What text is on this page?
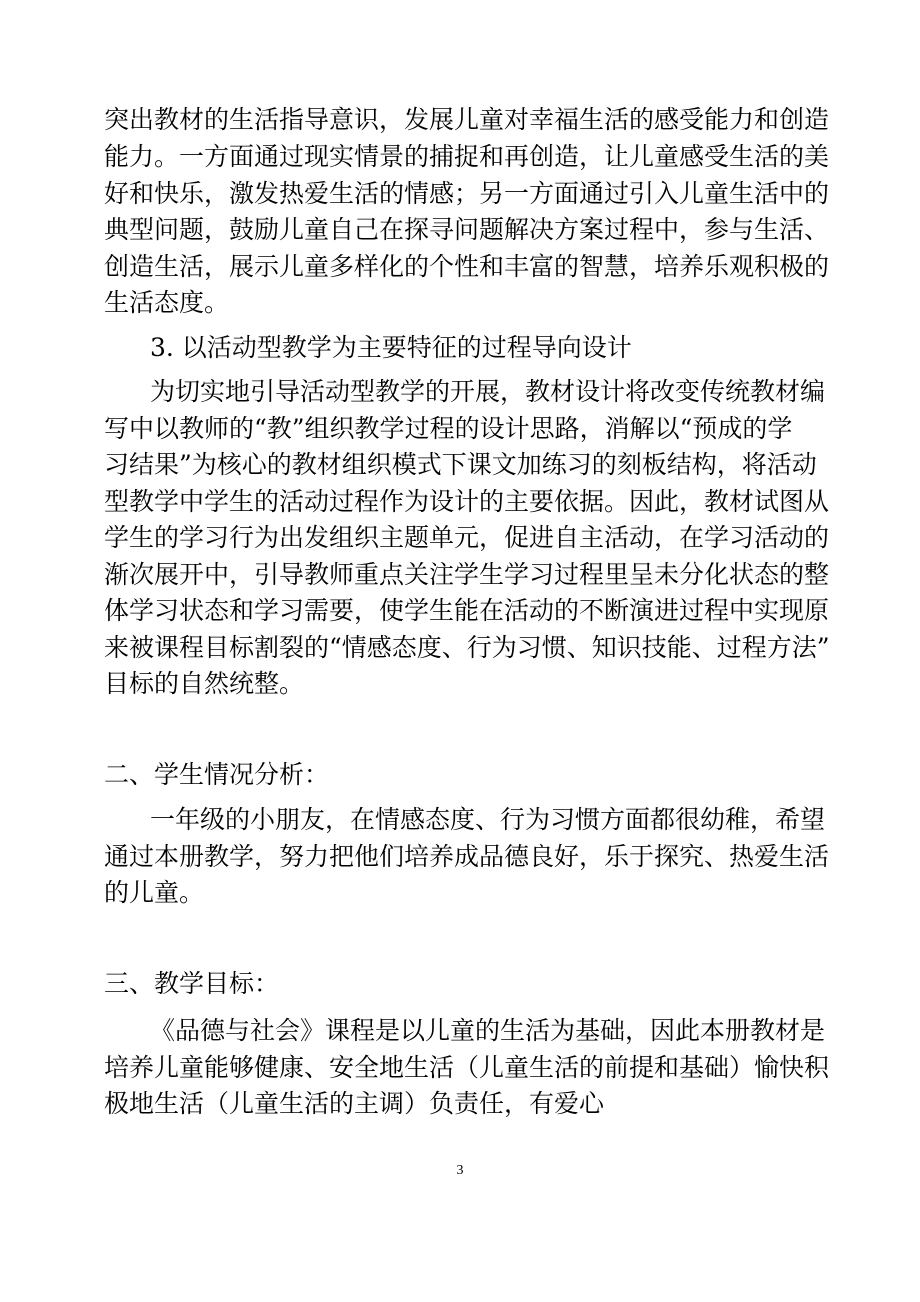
突出教材的生活指导意识，发展儿童对幸福生活的感受能力和创造

能力。一方面通过现实情景的捕捉和再创造，让儿童感受生活的美

好和快乐，激发热爱生活的情感；另一方面通过引入儿童生活中的

典型问题，鼓励儿童自己在探寻问题解决方案过程中，参与生活、

创造生活，展示儿童多样化的个性和丰富的智慧，培养乐观积极的

生活态度。

3. 以活动型教学为主要特征的过程导向设计

为切实地引导活动型教学的开展，教材设计将改变传统教材编

写中以教师的“教”组织教学过程的设计思路，消解以“预成的学

习结果”为核心的教材组织模式下课文加练习的刻板结构，将活动

型教学中学生的活动过程作为设计的主要依据。因此，教材试图从

学生的学习行为出发组织主题单元，促进自主活动，在学习活动的

渐次展开中，引导教师重点关注学生学习过程里呈未分化状态的整

体学习状态和学习需要，使学生能在活动的不断演进过程中实现原

来被课程目标割裂的“情感态度、行为习惯、知识技能、过程方法”

目标的自然统整。

二、学生情况分析：

一年级的小朋友，在情感态度、行为习惯方面都很幼稚，希望

通过本册教学，努力把他们培养成品德良好，乐于探究、热爱生活

的儿童。

三、教学目标：

《品德与社会》课程是以儿童的生活为基础，因此本册教材是

培养儿童能够健康、安全地生活（儿童生活的前提和基础）愉快积

极地生活（儿童生活的主调）负责任，有爱心

3
